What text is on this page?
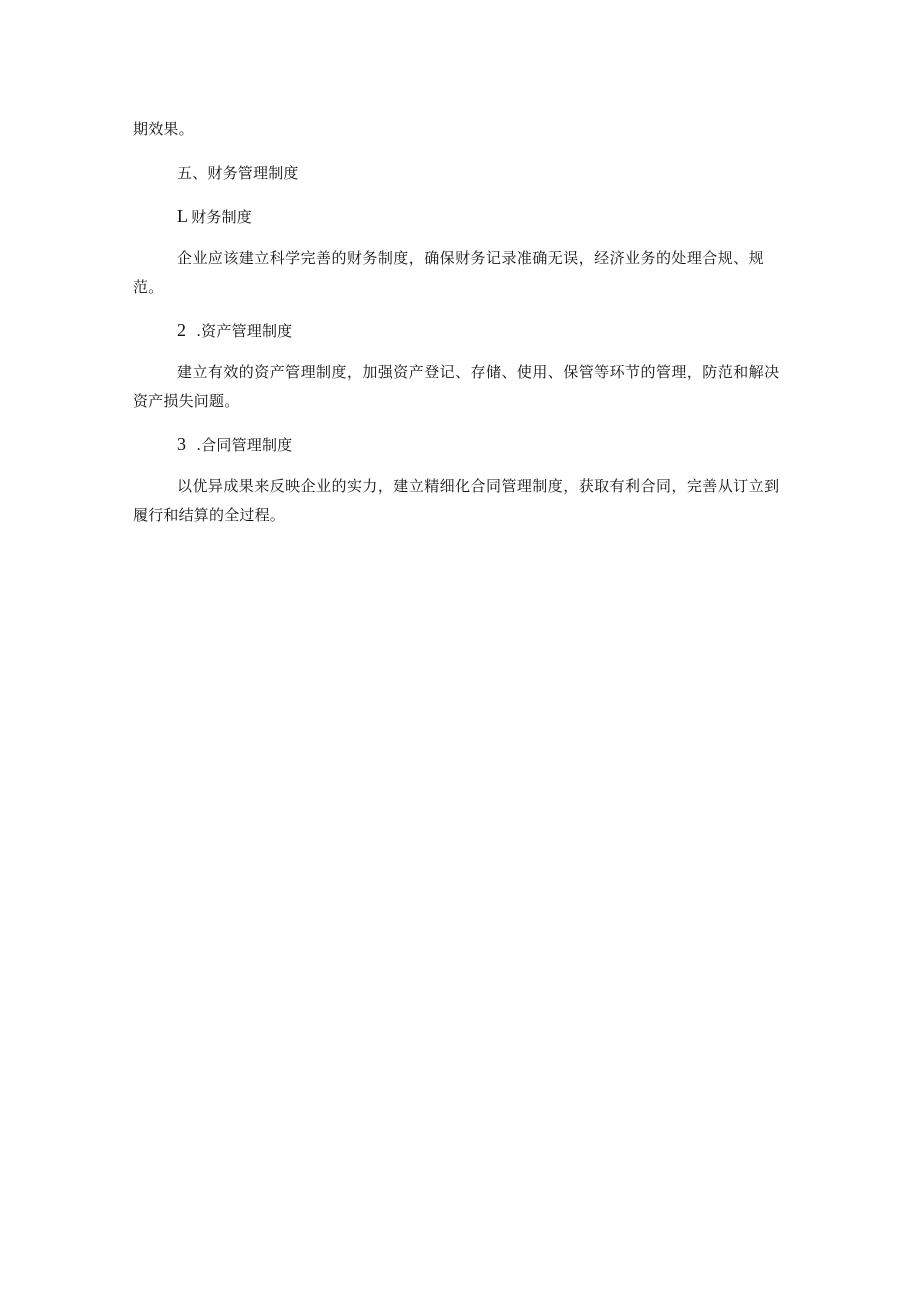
期效果。
五、财务管理制度
L 财务制度
企业应该建立科学完善的财务制度，确保财务记录准确无误，经济业务的处理合规、规
范。
2 .资产管理制度
建立有效的资产管理制度，加强资产登记、存储、使用、保管等环节的管理，防范和解决
资产损失问题。
3 .合同管理制度
以优异成果来反映企业的实力，建立精细化合同管理制度，获取有利合同，完善从订立到
履行和结算的全过程。
